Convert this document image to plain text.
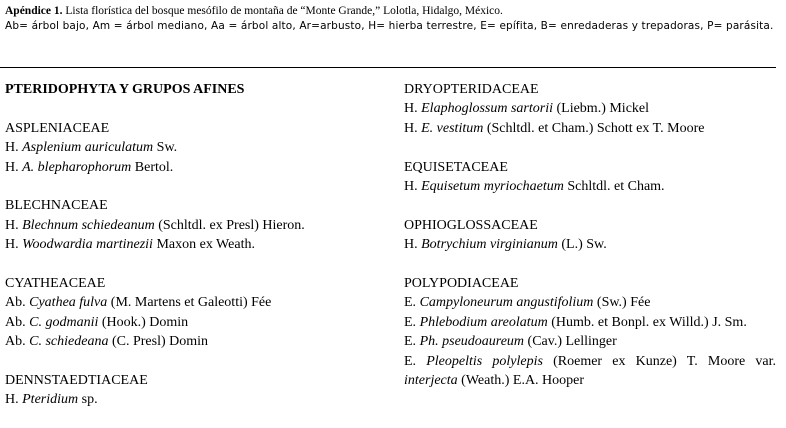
Apéndice 1. Lista florística del bosque mesófilo de montaña de “Monte Grande,” Lolotla, Hidalgo, México.
Ab= árbol bajo, Am = árbol mediano, Aa = árbol alto, Ar=arbusto, H= hierba terrestre, E= epífita, B= enredaderas y trepadoras, P= parásita.
PTERIDOPHYTA Y GRUPOS AFINES
ASPLENIACEAE
H. Asplenium auriculatum Sw.
H. A. blepharophorum Bertol.
BLECHNACEAE
H. Blechnum schiedeanum (Schltdl. ex Presl) Hieron.
H. Woodwardia martinezii Maxon ex Weath.
CYATHEACEAE
Ab. Cyathea fulva (M. Martens et Galeotti) Fée
Ab. C. godmanii (Hook.) Domin
Ab. C. schiedeana (C. Presl) Domin
DENNSTAEDTIACEAE
H. Pteridium sp.
DRYOPTERIDACEAE
H. Elaphoglossum sartorii (Liebm.) Mickel
H. E. vestitum (Schltdl. et Cham.) Schott ex T. Moore
EQUISETACEAE
H. Equisetum myriochaetum Schltdl. et Cham.
OPHIOGLOSSACEAE
H. Botrychium virginianum (L.) Sw.
POLYPODIACEAE
E. Campyloneurum angustifolium (Sw.) Fée
E. Phlebodium areolatum (Humb. et Bonpl. ex Willd.) J. Sm.
E. Ph. pseudoaureum (Cav.) Lellinger
E. Pleopeltis polylepis (Roemer ex Kunze) T. Moore var. interjecta (Weath.) E.A. Hooper
